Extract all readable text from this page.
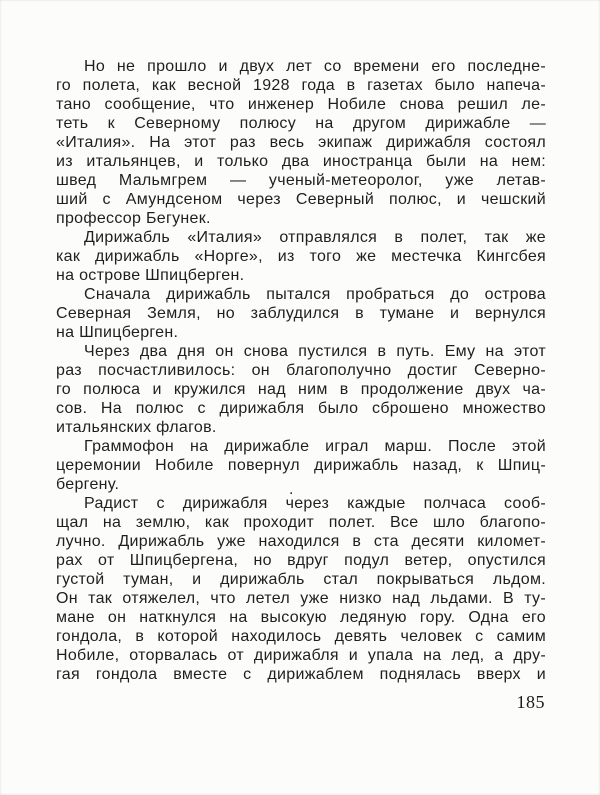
Но не прошло и двух лет со времени его последне-
го полета, как весной 1928 года в газетах было напеча-
тано сообщение, что инженер Нобиле снова решил ле-
теть к Северному полюсу на другом дирижабле —
«Италия». На этот раз весь экипаж дирижабля состоял
из итальянцев, и только два иностранца были на нем:
швед Мальмгрем — ученый-метеоролог, уже летав-
ший с Амундсеном через Северный полюс, и чешский
профессор Бегунек.
Дирижабль «Италия» отправлялся в полет, так же
как дирижабль «Норге», из того же местечка Кингсбея
на острове Шпицберген.
Сначала дирижабль пытался пробраться до острова
Северная Земля, но заблудился в тумане и вернулся
на Шпицберген.
Через два дня он снова пустился в путь. Ему на этот
раз посчастливилось: он благополучно достиг Северно-
го полюса и кружился над ним в продолжение двух ча-
сов. На полюс с дирижабля было сброшено множество
итальянских флагов.
Граммофон на дирижабле играл марш. После этой
церемонии Нобиле повернул дирижабль назад, к Шпиц-
бергену.
Радист с дирижабля через каждые полчаса сооб-
щал на землю, как проходит полет. Все шло благопо-
лучно. Дирижабль уже находился в ста десяти километ-
рах от Шпицбергена, но вдруг подул ветер, опустился
густой туман, и дирижабль стал покрываться льдом.
Он так отяжелел, что летел уже низко над льдами. В ту-
мане он наткнулся на высокую ледяную гору. Одна его
гондола, в которой находилось девять человек с самим
Нобиле, оторвалась от дирижабля и упала на лед, а дру-
гая гондола вместе с дирижаблем поднялась вверх и
.
185
